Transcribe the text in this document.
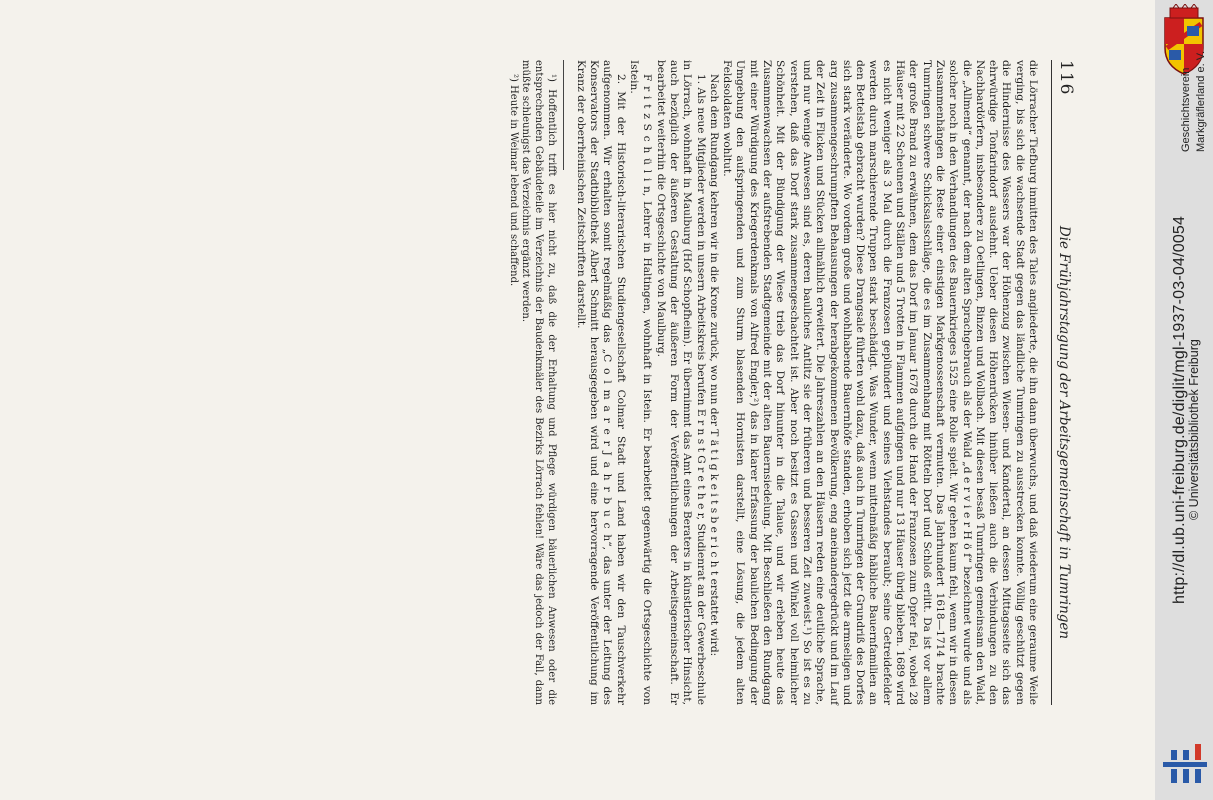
116
Die Frühjahrstagung der Arbeitsgemeinschaft in Tumringen

die Lörracher Tiefburg inmitten des Tales angliederte, die ihn dann überwuchs, und daß wiederum eine geraume Weile verging, bis sich die wachsende Stadt gegen das ländliche Tumringen zu ausstrecken konnte. Völlig geschützt gegen die Hindernisse des Wassers war der Höhenzug zwischen Wiesen- und Kandertal, an dessen Mittagsseite sich das ehrwürdige Tonfarindorf ausdehnt. Ueber diesen Höhenrücken hinüber ließen auch die Verbindungen zu den Nachbardörfern, insbesondere zu Oetlingen, Binzen und Wollbach. Mit diesen besaß Tumringen gemeinsam den Wald, die „Allmend“ genannt, der nach dem alten Sprachgebrauch als der Wald „d e r v i e r H ö f“ bezeichnet wurde und als solcher noch in den Verhandlungen des Bauernkrieges 1525 eine Rolle spielt. Wir gehen kaum fehl, wenn wir in diesen Zusammenhängen die Reste einer einstigen Markgenossenschaft vermuten. Das Jahrhundert 1618—1714 brachte Tumringen schwere Schicksalsschläge, die es im Zusammenhang mit Rötteln Dorf und Schloß erlitt. Da ist vor allem der große Brand zu erwähnen, dem das Dorf im Januar 1678 durch die Hand der Franzosen zum Opfer fiel, wobei 28 Häuser mit 22 Scheunen und Ställen und 5 Trotten in Flammen aufgingen und nur 13 Häuser übrig blieben. 1689 wird es nicht weniger als 3 Mal durch die Franzosen geplündert und seines Viehstandes beraubt; seine Getreidefelder werden durch marschierende Truppen stark beschädigt. Was Wunder, wenn mittelmäßig häbliche Bauernfamilien an den Bettelstab gebracht wurden? Diese Drangsale führten wohl dazu, daß auch in Tumringen der Grundriß des Dorfes sich stark veränderte. Wo vordem große und wohlhabende Bauernhöfe standen, erhoben sich jetzt die armseligen und arg zusammengeschrumpften Behausungen der herabgekommenen Bevölkerung, eng aneinandergedrückt und im Lauf der Zeit in Flicken und Stücken allmählich erweitert. Die Jahreszahlen an den Häusern reden eine deutliche Sprache, und nur wenige Anwesen sind es, deren bauliches Antlitz sie der früheren und besseren Zeit zuweist.¹) So ist es zu verstehen, daß das Dorf stark zusammengeschachtelt ist. Aber noch besitzt es Gassen und Winkel voll heimlicher Schönheit. Mit der Bündigung der Wiese trieb das Dorf hinunter in die Talaue, und wir erleben heute das Zusammenwachsen der aufstrebenden Stadtgemeinde mit der alten Bauernsiedelung. Mit Beschließen den Rundgang mit einer Würdigung des Kriegerdenkmals von Alfred Engler,²) das in klarer Erfassung der baulichen Bedingung der Umgebung den aufspringenden und zum Sturm blasenden Hornisten darstellt, eine Lösung, die jedem alten Feldsoldaten wohltut.

Nach dem Rundgang kehren wir in die Krone zurück, wo nun der T ä t i g k e i t s b e r i c h t erstattet wird:

1. Als neue Mitglieder werden in unsern Arbeitskreis berufen E r n s t G r e t h e r, Studienrat an der Gewerbeschule in Lörrach, wohnhaft in Maulburg (Hof Schopfheim). Er übernimmt das Amt eines Beraters in künstlerischer Hinsicht, auch bezüglich der äußeren Gestaltung der äußeren Form der Veröffentlichungen der Arbeitsgemeinschaft. Er bearbeitet weiterhin die Ortsgeschichte von Maulburg.

F r i t z S c h ü l i n, Lehrer in Haltingen, wohnhaft in Istein. Er bearbeitet gegenwärtig die Ortsgeschichte von Istein.

2. Mit der Historisch-literarischen Studiengesellschaft Colmar Stadt und Land haben wir den Tauschverkehr aufgenommen. Wir erhalten somit regelmäßig das „C o l m a r e r J a h r b u c h“, das unter der Leitung des Konservators der Stadtbibliothek Albert Schmitt herausgegeben wird und eine hervorragende Veröffentlichung im Kranz der oberrheinischen Zeitschriften darstellt.

¹) Hoffentlich trifft es hier nicht zu, daß die der Erhaltung und Pflege würdigen bäuerlichen Anwesen oder die entsprechenden Gebäudeteile im Verzeichnis der Baudenkmäler des Bezirks Lörrach fehlen! Wäre das jedoch der Fall, dann müßte schleunigst das Verzeichnis ergänzt werden.

²) Heute in Weimar lebend und schaffend.	Geschichtsverein Markgräflerland e. V.
http://dl.ub.uni-freiburg.de/diglit/mgl-1937-03-04/0054 © Universitätsbibliothek Freiburg
